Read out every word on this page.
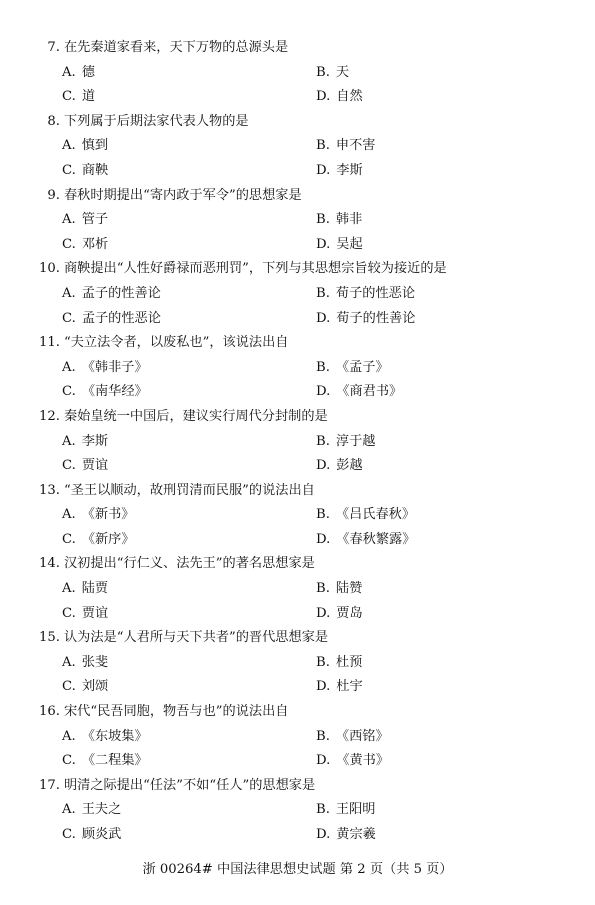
7. 在先秦道家看来，天下万物的总源头是
A. 德	B. 天
C. 道	D. 自然
8. 下列属于后期法家代表人物的是
A. 慎到	B. 申不害
C. 商鞅	D. 李斯
9. 春秋时期提出“寄内政于军令”的思想家是
A. 管子	B. 韩非
C. 邓析	D. 吴起
10. 商鞅提出“人性好爵禄而恶刑罚”，下列与其思想宗旨较为接近的是
A. 孟子的性善论	B. 荀子的性恶论
C. 孟子的性恶论	D. 荀子的性善论
11. “夫立法令者，以废私也”，该说法出自
A. 《韩非子》	B. 《孟子》
C. 《南华经》	D. 《商君书》
12. 秦始皇统一中国后，建议实行周代分封制的是
A. 李斯	B. 淳于越
C. 贾谊	D. 彭越
13. “圣王以顺动，故刑罚清而民服”的说法出自
A. 《新书》	B. 《吕氏春秋》
C. 《新序》	D. 《春秋繁露》
14. 汉初提出“行仁义、法先王”的著名思想家是
A. 陆贾	B. 陆赞
C. 贾谊	D. 贾岛
15. 认为法是“人君所与天下共者”的晋代思想家是
A. 张斐	B. 杜预
C. 刘颂	D. 杜宇
16. 宋代“民吾同胞，物吾与也”的说法出自
A. 《东坡集》	B. 《西铭》
C. 《二程集》	D. 《黄书》
17. 明清之际提出“任法”不如“任人”的思想家是
A. 王夫之	B. 王阳明
C. 顾炎武	D. 黄宗羲
浙 00264# 中国法律思想史试题 第 2 页（共 5 页）
